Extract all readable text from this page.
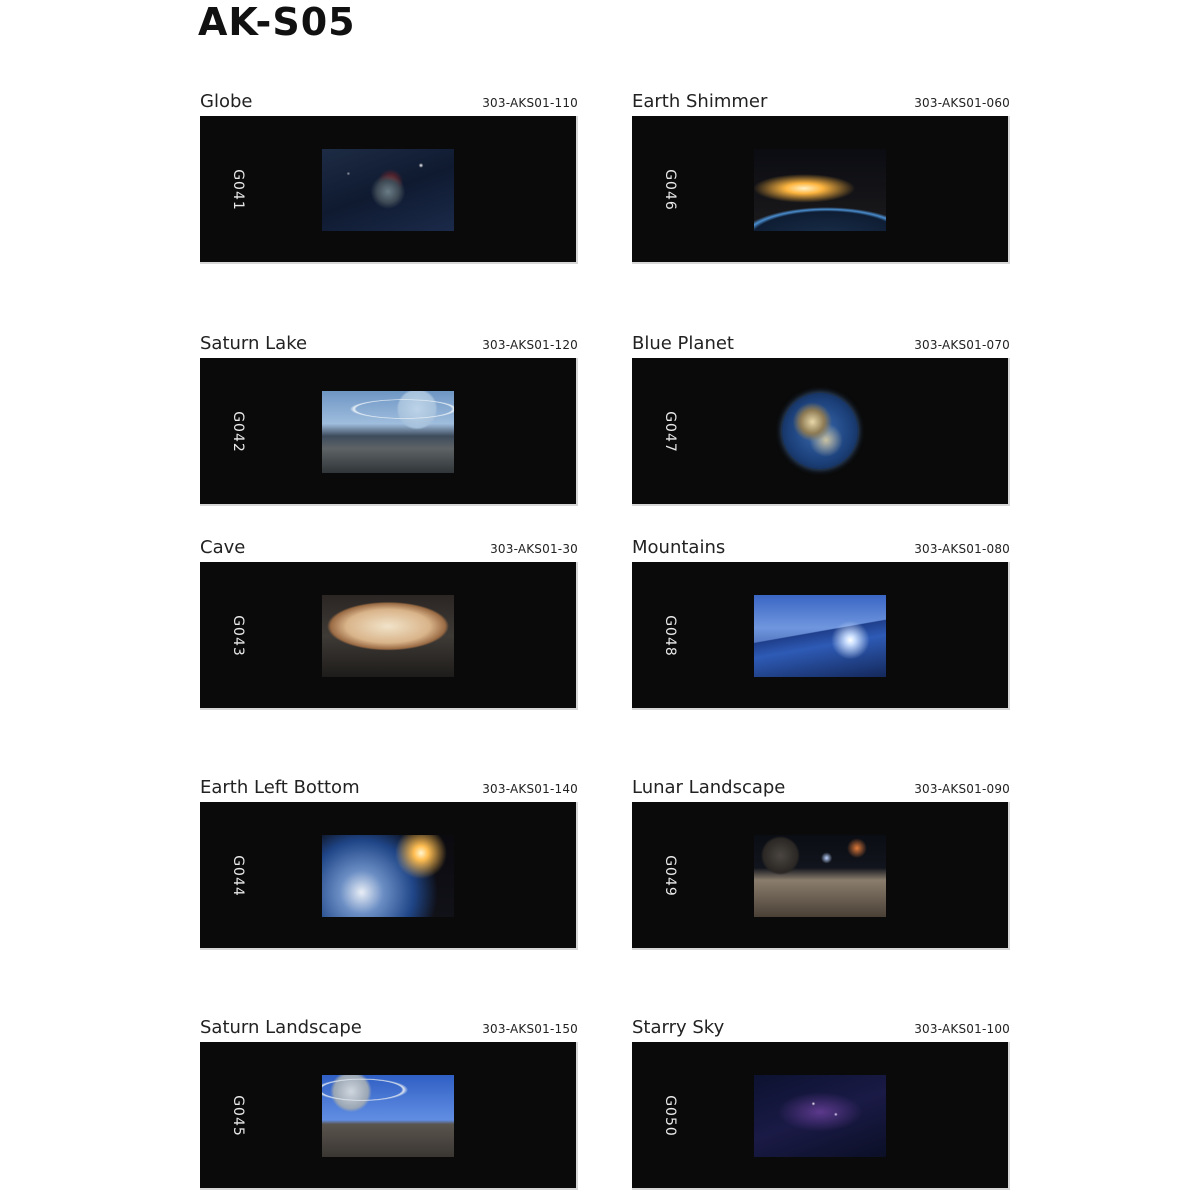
AK-S05
Globe	303-AKS01-110
G041
Earth Shimmer	303-AKS01-060
G046
Saturn Lake	303-AKS01-120
G042
Blue Planet	303-AKS01-070
G047
Cave	303-AKS01-30
G043
Mountains	303-AKS01-080
G048
Earth Left Bottom	303-AKS01-140
G044
Lunar Landscape	303-AKS01-090
G049
Saturn Landscape	303-AKS01-150
G045
Starry Sky	303-AKS01-100
G050
